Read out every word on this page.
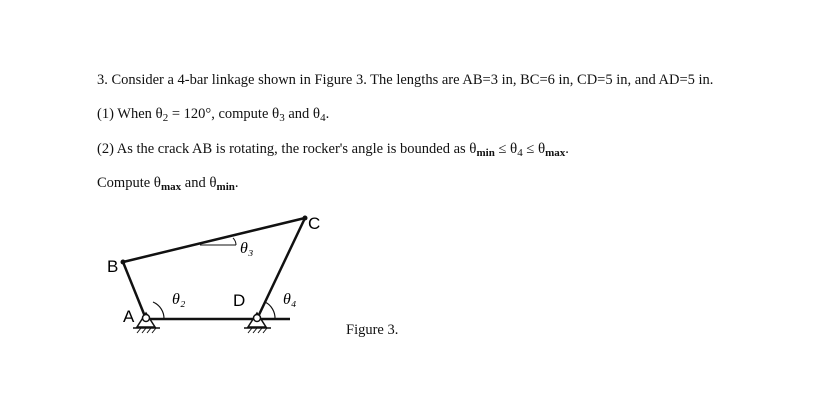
3. Consider a 4-bar linkage shown in Figure 3. The lengths are AB=3 in, BC=6 in, CD=5 in, and AD=5 in.
(1) When $\theta_2 = 120^\circ$, compute $\theta_3$ and $\theta_4$.
(2) As the crack AB is rotating, the rocker's angle is bounded as $\theta_{min} \le \theta_4 \le \theta_{max}$.
Compute $\theta_{max}$ and $\theta_{min}$.
B
A
C
D
θ₂
θ₃
θ₄
Figure 3.
